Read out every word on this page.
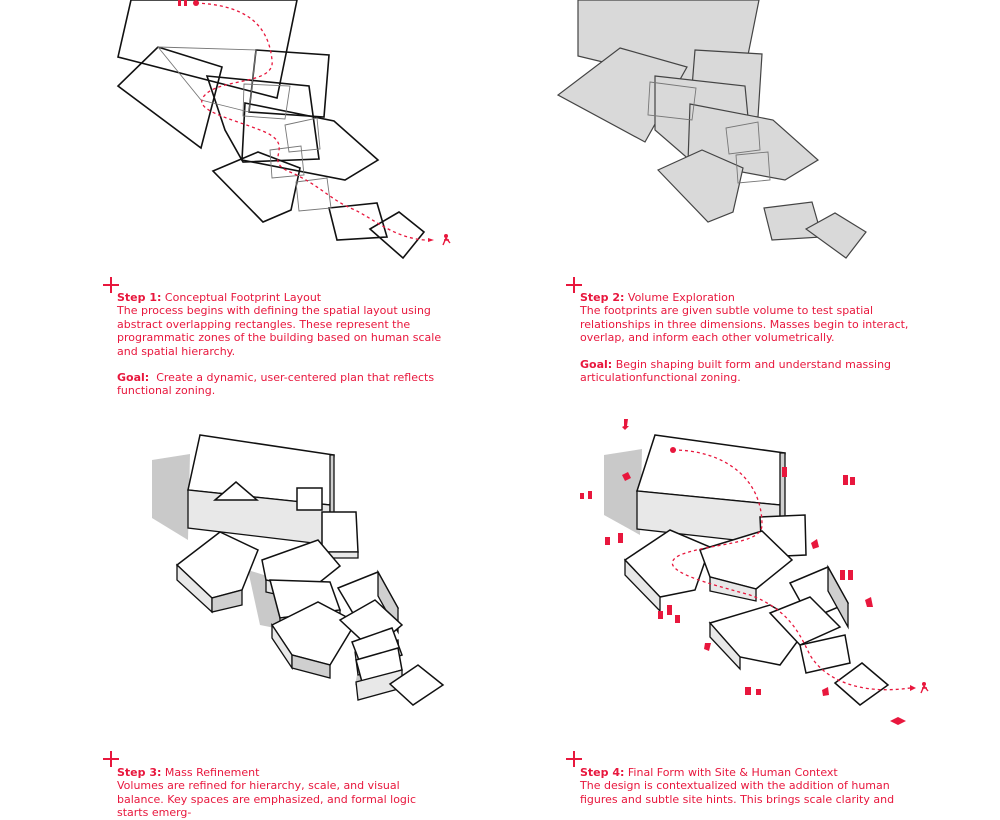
Step 1: Conceptual Footprint Layout

The process begins with defining the spatial layout using abstract overlapping rectangles. These represent the programmatic zones of the building based on human scale and spatial hierarchy.

Goal: Create a dynamic, user-centered plan that reflects functional zoning.

Step 2: Volume Exploration

The footprints are given subtle volume to test spatial relationships in three dimensions. Masses begin to interact, overlap, and inform each other volumetrically.

Goal: Begin shaping built form and understand massing articulationfunctional zoning.

Step 3: Mass Refinement

Volumes are refined for hierarchy, scale, and visual balance. Key spaces are emphasized, and formal logic starts emerg-

Step 4: Final Form with Site & Human Context

The design is contextualized with the addition of human figures and subtle site hints. This brings scale clarity and
